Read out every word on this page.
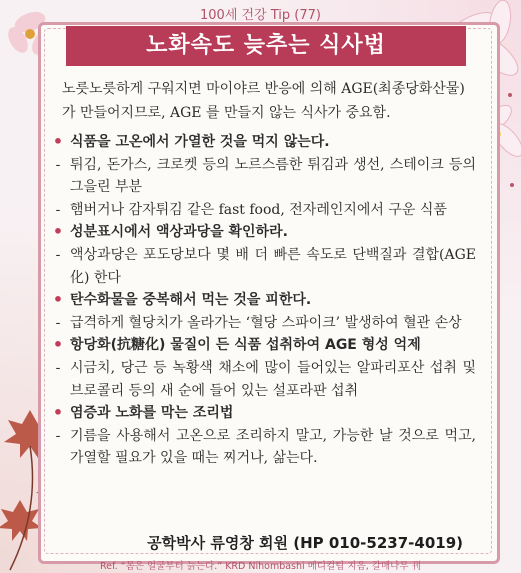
100세 건강 Tip (77)
노화속도 늦추는 식사법
노릇노릇하게 구워지면 마이야르 반응에 의해 AGE(최종당화산물)가 만들어지므로, AGE 를 만들지 않는 식사가 중요함.
• 식품을 고온에서 가열한 것을 먹지 않는다.
- 튀김, 돈가스, 크로켓 등의 노르스름한 튀김과 생선, 스테이크 등의 그을린 부분
- 햄버거나 감자튀김 같은 fast food, 전자레인지에서 구운 식품
• 성분표시에서 액상과당을 확인하라.
- 액상과당은 포도당보다 몇 배 더 빠른 속도로 단백질과 결합(AGE化) 한다
• 탄수화물을 중복해서 먹는 것을 피한다.
- 급격하게 혈당치가 올라가는 ‘혈당 스파이크’ 발생하여 혈관 손상
• 항당화(抗糖化) 물질이 든 식품 섭취하여 AGE 형성 억제
- 시금치, 당근 등 녹황색 채소에 많이 들어있는 알파리포산 섭취 및 브로콜리 등의 새 순에 들어 있는 설포라판 섭취
• 염증과 노화를 막는 조리법
- 기름을 사용해서 고온으로 조리하지 말고, 가능한 날 것으로 먹고, 가열할 필요가 있을 때는 찌거나, 삶는다.
공학박사 류영창 회원 (HP 010-5237-4019)
Ref. “몸은 얼굴부터 늙는다.” KRD Nihombashi 메디컬팀 지음, 갈매나무 刊
